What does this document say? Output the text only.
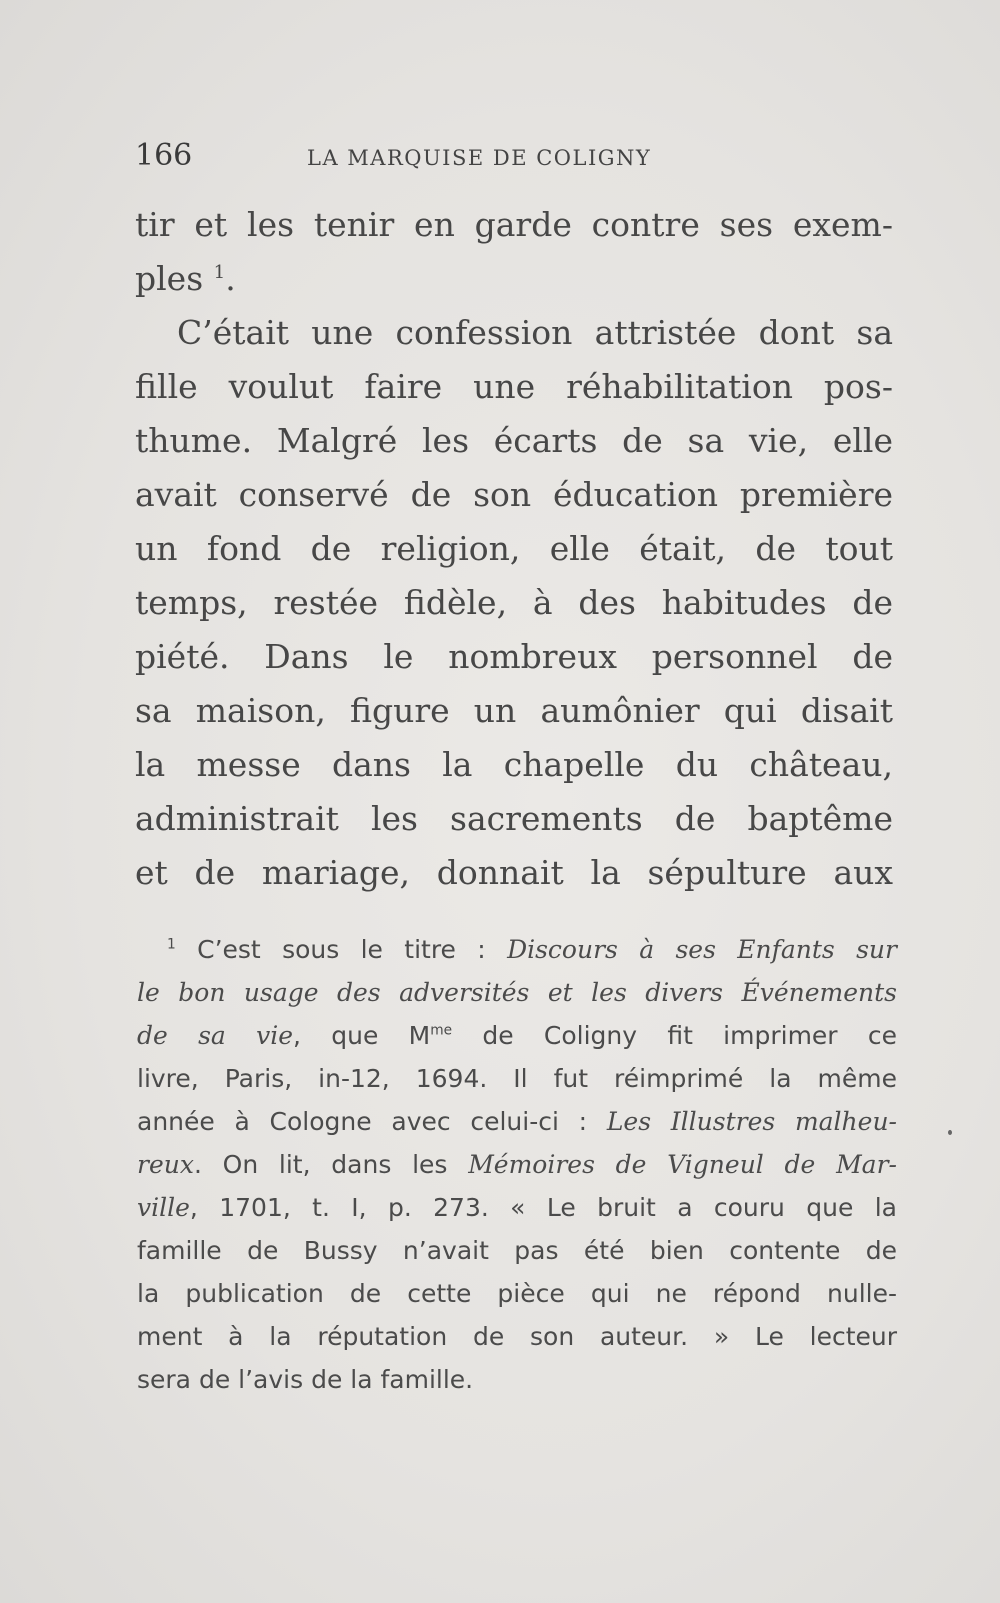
166	LA MARQUISE DE COLIGNY
tir et les tenir en garde contre ses exem-
ples $^1$.
C’était une confession attristée dont sa
fille voulut faire une réhabilitation pos-
thume. Malgré les écarts de sa vie, elle
avait conservé de son éducation première
un fond de religion, elle était, de tout
temps, restée fidèle, à des habitudes de
piété. Dans le nombreux personnel de
sa maison, figure un aumônier qui disait
la messe dans la chapelle du château,
administrait les sacrements de baptême
et de mariage, donnait la sépulture aux
$^1$ C’est sous le titre : Discours à ses Enfants sur
le bon usage des adversités et les divers Événements
de sa vie, que $M^{me}$ de Coligny fit imprimer ce
livre, Paris, in-12, 1694. Il fut réimprimé la même
année à Cologne avec celui-ci : Les Illustres malheu-
reux. On lit, dans les Mémoires de Vigneul de Mar-
ville, 1701, t. I, p. 273. « Le bruit a couru que la
famille de Bussy n’avait pas été bien contente de
la publication de cette pièce qui ne répond nulle-
ment à la réputation de son auteur. » Le lecteur
sera de l’avis de la famille.
